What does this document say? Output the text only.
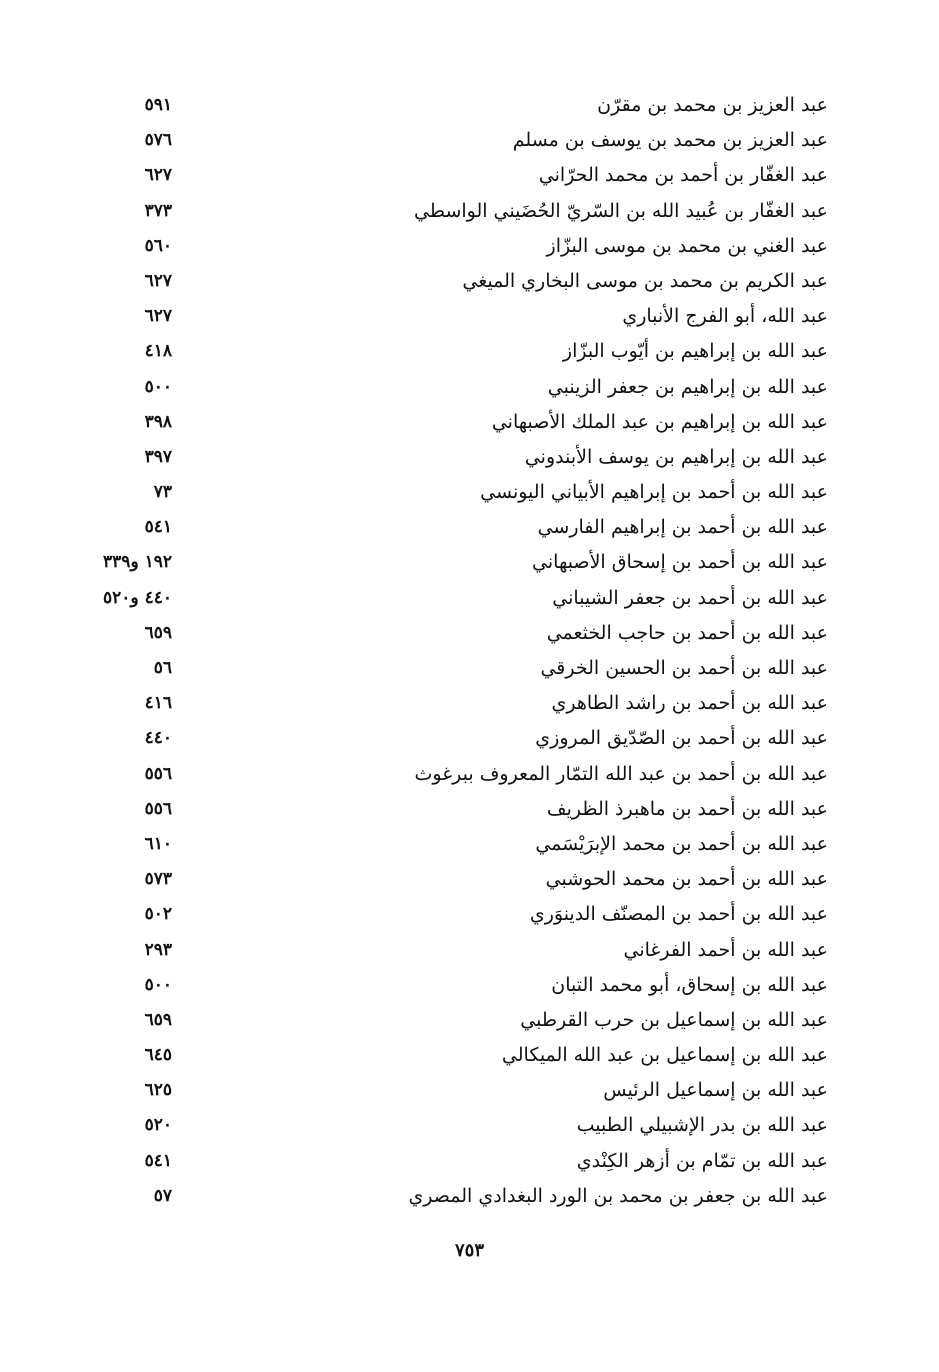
عبد العزيز بن محمد بن مقرّن
٥٩١
عبد العزيز بن محمد بن يوسف بن مسلم
٥٧٦
عبد الغفّار بن أحمد بن محمد الحرّاني
٦٢٧
عبد الغفّار بن عُبيد الله بن السّريّ الحُضَيني الواسطي
٣٧٣
عبد الغني بن محمد بن موسى البزّاز
٥٦٠
عبد الكريم بن محمد بن موسى البخاري الميغي
٦٢٧
عبد الله، أبو الفرج الأنباري
٦٢٧
عبد الله بن إبراهيم بن أيّوب البزّاز
٤١٨
عبد الله بن إبراهيم بن جعفر الزينبي
٥٠٠
عبد الله بن إبراهيم بن عبد الملك الأصبهاني
٣٩٨
عبد الله بن إبراهيم بن يوسف الأبندوني
٣٩٧
عبد الله بن أحمد بن إبراهيم الأبياني اليونسي
٧٣
عبد الله بن أحمد بن إبراهيم الفارسي
٥٤١
عبد الله بن أحمد بن إسحاق الأصبهاني
١٩٢ و٣٣٩
عبد الله بن أحمد بن جعفر الشيباني
٤٤٠ و٥٢٠
عبد الله بن أحمد بن حاجب الخثعمي
٦٥٩
عبد الله بن أحمد بن الحسين الخرقي
٥٦
عبد الله بن أحمد بن راشد الطاهري
٤١٦
عبد الله بن أحمد بن الصّدّيق المروزي
٤٤٠
عبد الله بن أحمد بن عبد الله التمّار المعروف ببرغوث
٥٥٦
عبد الله بن أحمد بن ماهبرذ الظريف
٥٥٦
عبد الله بن أحمد بن محمد الإبرَيْسَمي
٦١٠
عبد الله بن أحمد بن محمد الحوشبي
٥٧٣
عبد الله بن أحمد بن المصنّف الدينوَري
٥٠٢
عبد الله بن أحمد الفرغاني
٢٩٣
عبد الله بن إسحاق، أبو محمد التبان
٥٠٠
عبد الله بن إسماعيل بن حرب القرطبي
٦٥٩
عبد الله بن إسماعيل بن عبد الله الميكالي
٦٤٥
عبد الله بن إسماعيل الرئيس
٦٢٥
عبد الله بن بدر الإشبيلي الطبيب
٥٢٠
عبد الله بن تمّام بن أزهر الكِنْدي
٥٤١
عبد الله بن جعفر بن محمد بن الورد البغدادي المصري
٥٧
٧٥٣
